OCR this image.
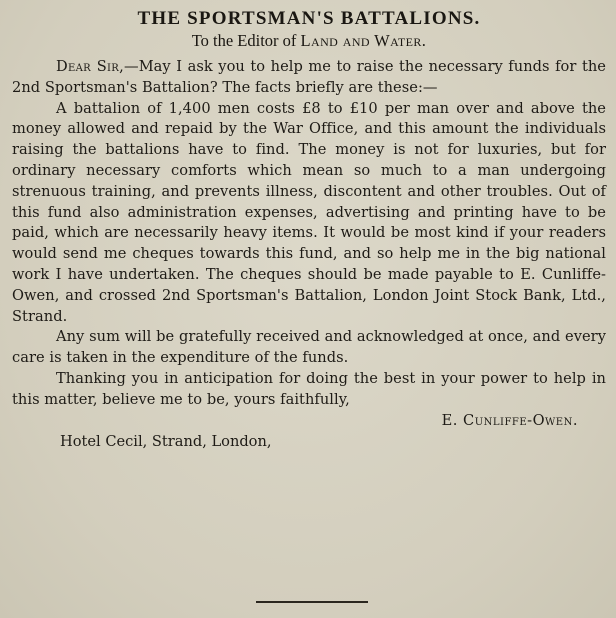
THE SPORTSMAN'S BATTALIONS.
To the Editor of Land and Water.

Dear Sir,—May I ask you to help me to raise the necessary funds for the 2nd Sportsman's Battalion? The facts briefly are these:—

A battalion of 1,400 men costs £8 to £10 per man over and above the money allowed and repaid by the War Office, and this amount the individuals raising the battalions have to find. The money is not for luxuries, but for ordinary necessary comforts which mean so much to a man undergoing strenuous training, and prevents illness, discontent and other troubles. Out of this fund also administration expenses, advertising and printing have to be paid, which are necessarily heavy items. It would be most kind if your readers would send me cheques towards this fund, and so help me in the big national work I have undertaken. The cheques should be made payable to E. Cunliffe-Owen, and crossed 2nd Sportsman's Battalion, London Joint Stock Bank, Ltd., Strand.

Any sum will be gratefully received and acknowledged at once, and every care is taken in the expenditure of the funds.

Thanking you in anticipation for doing the best in your power to help in this matter, believe me to be, yours faithfully,

E. Cunliffe-Owen.

Hotel Cecil, Strand, London,
